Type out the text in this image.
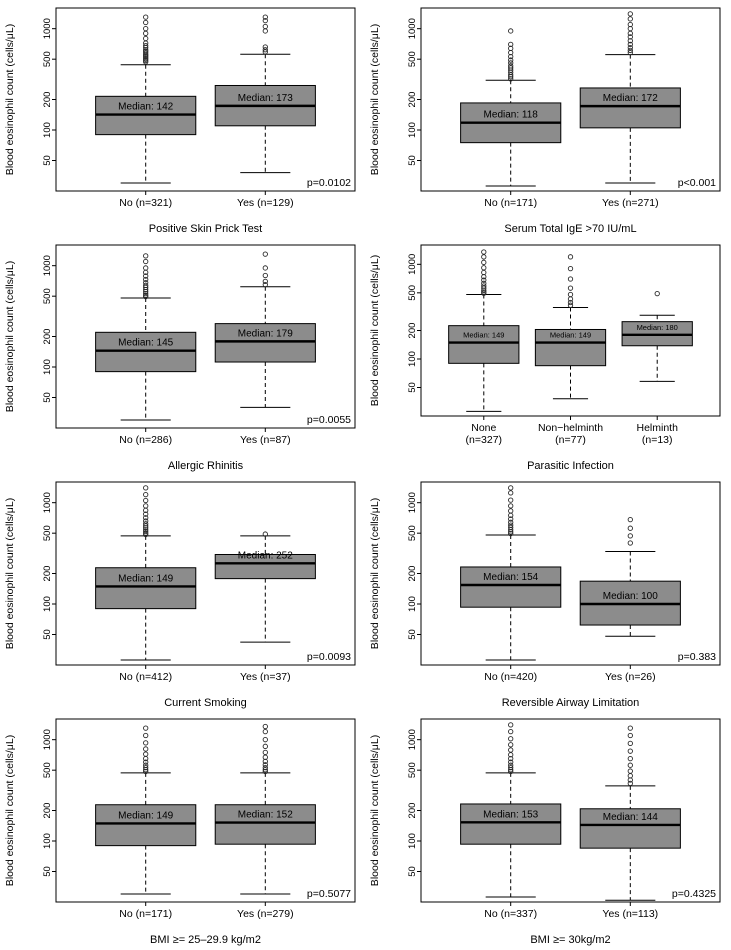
50
100
200
500
1000
Blood eosinophil count (cells/μL)	Median: 142
No (n=321)
Median: 173
Yes (n=129)
p=0.0102
Positive Skin Prick Test
50
100
200
500
1000
Blood eosinophil count (cells/μL)	Median: 118
No (n=171)
Median: 172
Yes (n=271)
p<0.001
Serum Total IgE >70 IU/mL
50
100
200
500
1000
Blood eosinophil count (cells/μL)	Median: 145
No (n=286)
Median: 179
Yes (n=87)
p=0.0055
Allergic Rhinitis
50
100
200
500
1000
Blood eosinophil count (cells/μL)	Median: 149
None
(n=327)
Median: 149
Non−helminth
(n=77)
Median: 180
Helminth
(n=13)
Parasitic Infection
50
100
200
500
1000
Blood eosinophil count (cells/μL)	Median: 149
No (n=412)
Median: 252
Yes (n=37)
p=0.0093
Current Smoking
50
100
200
500
1000
Blood eosinophil count (cells/μL)	Median: 154
No (n=420)
Median: 100
Yes (n=26)
p=0.383
Reversible Airway Limitation
50
100
200
500
1000
Blood eosinophil count (cells/μL)	Median: 149
No (n=171)
Median: 152
Yes (n=279)
p=0.5077
BMI ≥= 25–29.9 kg/m2
50
100
200
500
1000
Blood eosinophil count (cells/μL)	Median: 153
No (n=337)
Median: 144
Yes (n=113)
p=0.4325
BMI ≥= 30kg/m2
